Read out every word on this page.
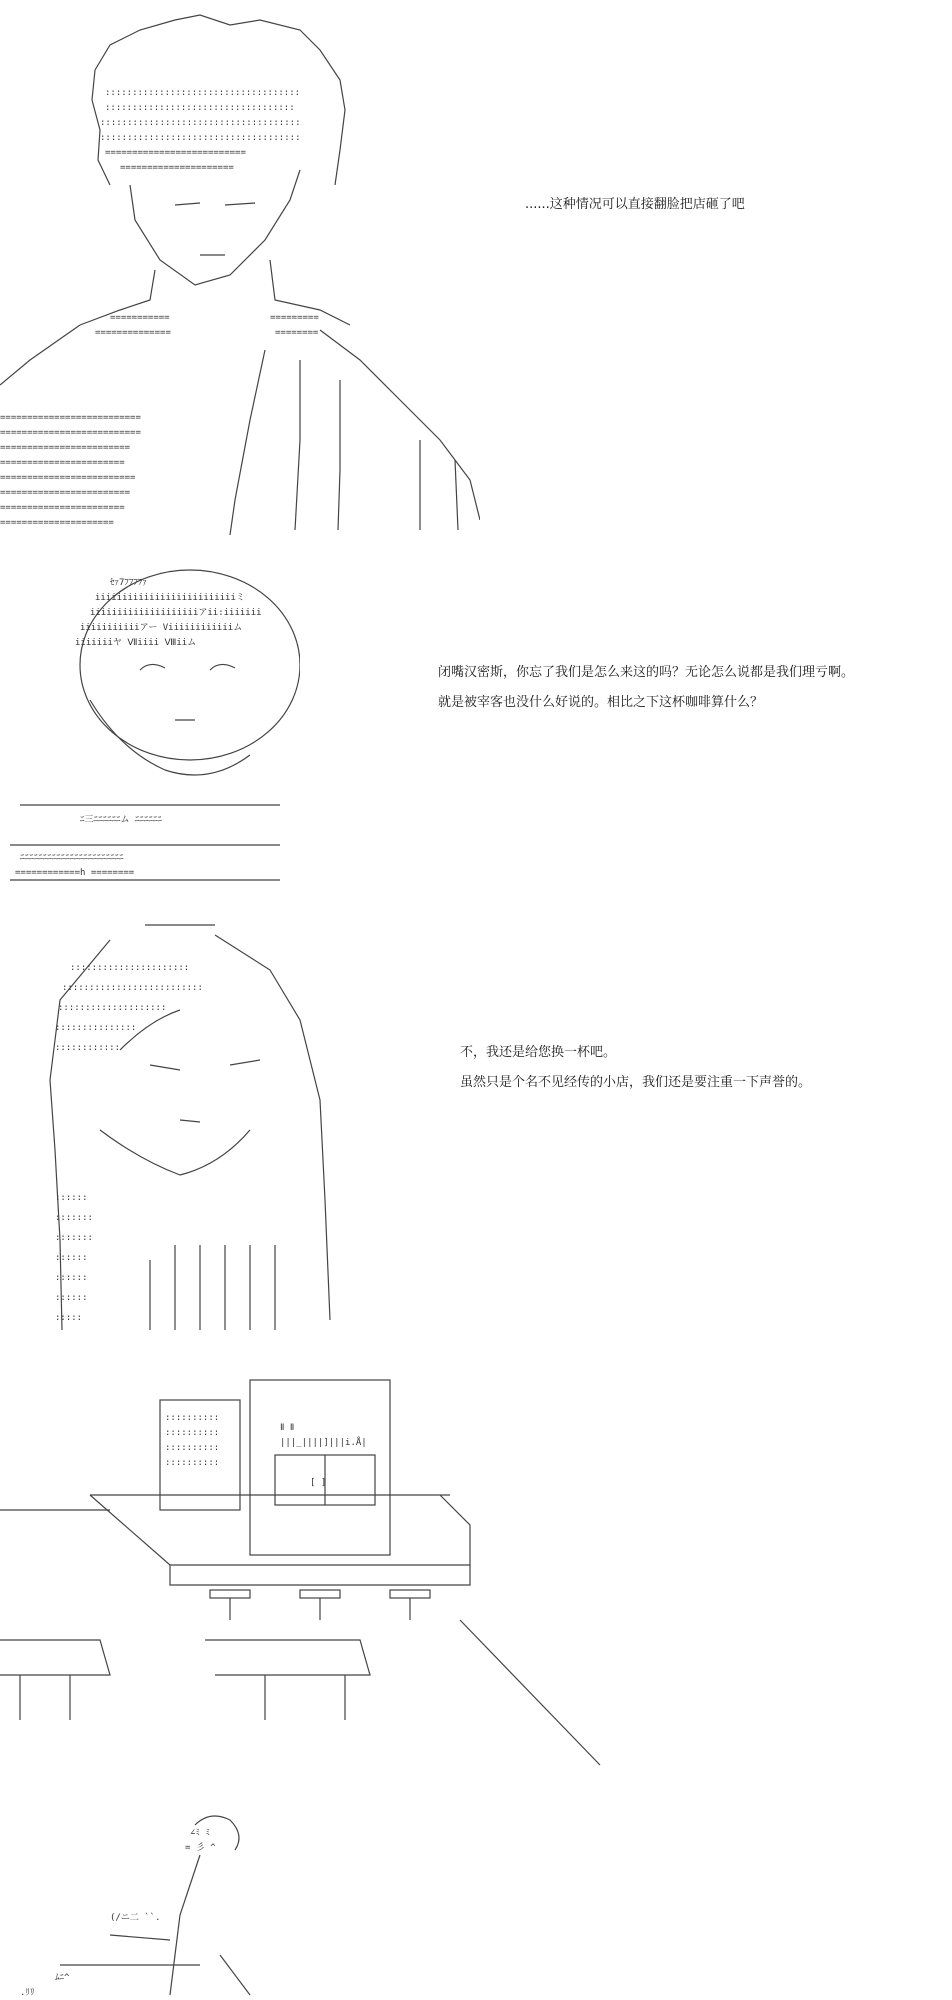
::::::::::::::::::::::::::::::::::::
:::::::::::::::::::::::::::::::::::
:::::::::::::::::::::::::::::::::::::
:::::::::::::::::::::::::::::::::::::
==========================
=====================
===========
==============
=========
========
==========================
==========================
========================
=======================
=========================
========================
=======================
=====================
......这种情况可以直接翻脸把店砸了吧
ｾｧ7ﾌﾌﾌﾌｧ
iiiiiiiiiiiiiiiiiiiiiiiiiiミ
iiiiiiiiiiiiiiiiiiiiアii:iiiiiii
iiiiiiiiiiiアー Viiiiiiiiiiiiム
iiiiiiiヤ Ⅶiiii Ⅷiiム
ﾆ三ﾆﾆﾆﾆﾆﾆム ﾆﾆﾆﾆﾆﾆ
ﾆﾆﾆﾆﾆﾆﾆﾆﾆﾆﾆﾆﾆﾆﾆﾆﾆﾆﾆﾆﾆﾆﾆ
============h ========
闭嘴汉密斯，你忘了我们是怎么来这的吗？无论怎么说都是我们理亏啊。
就是被宰客也没什么好说的。相比之下这杯咖啡算什么？
::::::::::::::::::::::
::::::::::::::::::::::::::
::::::::::::::::::::
:::::::::::::::
::::::::::::
::::::
:::::::
:::::::
::::::
::::::
::::::
:::::
不，我还是给您换一杯吧。
虽然只是个名不见经传的小店，我们还是要注重一下声誉的。
::::::::::
::::::::::
::::::::::
::::::::::
Ⅱ Ⅱ
|||_||||]|||i.Å|
[ ]
∠ﾐ ﾐ
= 彡 ^
(/ニ二 ``.
ﾑﾆ^
.ﾘﾘ
